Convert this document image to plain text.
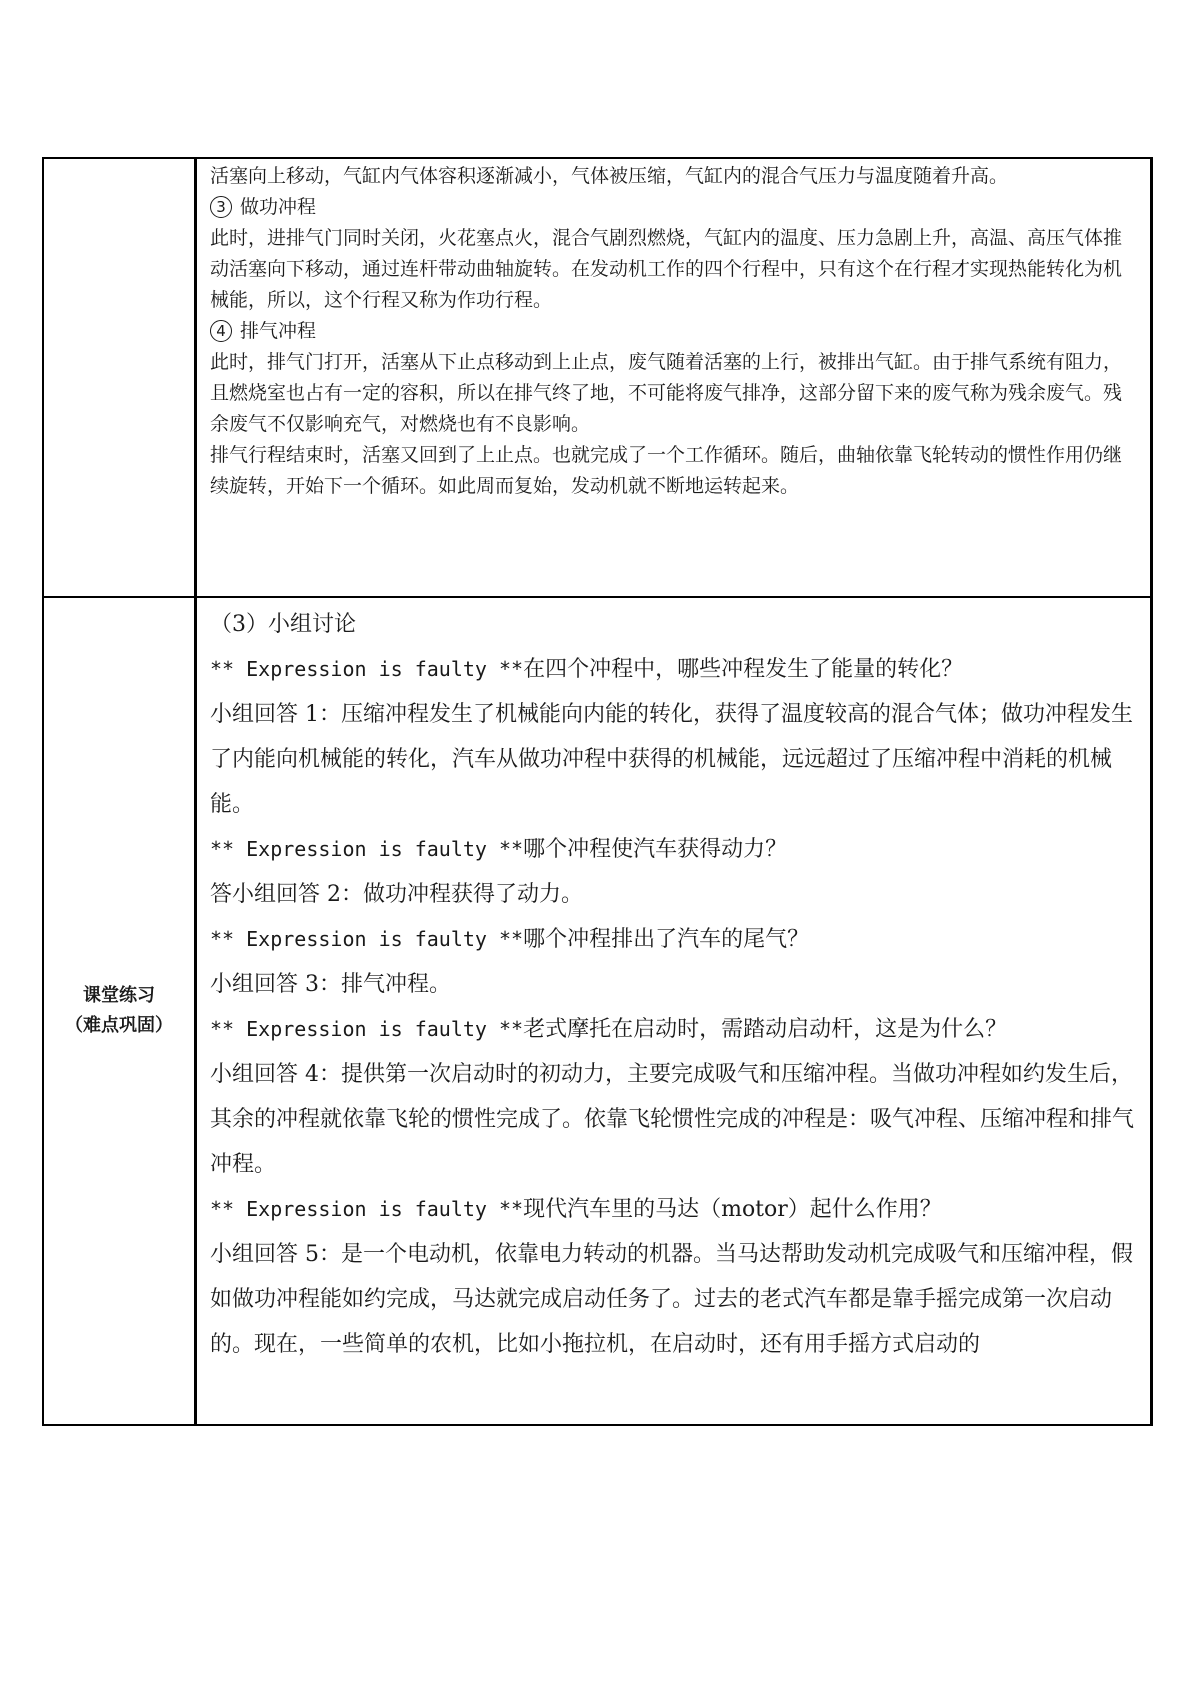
活塞向上移动，气缸内气体容积逐渐减小，气体被压缩，气缸内的混合气压力与温度随着升高。

3 做功冲程

此时，进排气门同时关闭，火花塞点火，混合气剧烈燃烧，气缸内的温度、压力急剧上升，高温、高压气体推动活塞向下移动，通过连杆带动曲轴旋转。在发动机工作的四个行程中，只有这个在行程才实现热能转化为机械能，所以，这个行程又称为作功行程。

4 排气冲程

此时，排气门打开，活塞从下止点移动到上止点，废气随着活塞的上行，被排出气缸。由于排气系统有阻力，且燃烧室也占有一定的容积，所以在排气终了地，不可能将废气排净，这部分留下来的废气称为残余废气。残余废气不仅影响充气，对燃烧也有不良影响。

排气行程结束时，活塞又回到了上止点。也就完成了一个工作循环。随后，曲轴依靠飞轮转动的惯性作用仍继续旋转，开始下一个循环。如此周而复始，发动机就不断地运转起来。

课堂练习
（难点巩固）

（3）小组讨论

** Expression is faulty **在四个冲程中，哪些冲程发生了能量的转化？

小组回答 1：压缩冲程发生了机械能向内能的转化，获得了温度较高的混合气体；做功冲程发生了内能向机械能的转化，汽车从做功冲程中获得的机械能，远远超过了压缩冲程中消耗的机械能。

** Expression is faulty **哪个冲程使汽车获得动力？

答小组回答 2：做功冲程获得了动力。

** Expression is faulty **哪个冲程排出了汽车的尾气？

小组回答 3：排气冲程。

** Expression is faulty **老式摩托在启动时，需踏动启动杆，这是为什么？

小组回答 4：提供第一次启动时的初动力，主要完成吸气和压缩冲程。当做功冲程如约发生后，其余的冲程就依靠飞轮的惯性完成了。依靠飞轮惯性完成的冲程是：吸气冲程、压缩冲程和排气冲程。

** Expression is faulty **现代汽车里的马达（motor）起什么作用？

小组回答 5：是一个电动机，依靠电力转动的机器。当马达帮助发动机完成吸气和压缩冲程，假如做功冲程能如约完成，马达就完成启动任务了。过去的老式汽车都是靠手摇完成第一次启动的。现在，一些简单的农机，比如小拖拉机，在启动时，还有用手摇方式启动的
